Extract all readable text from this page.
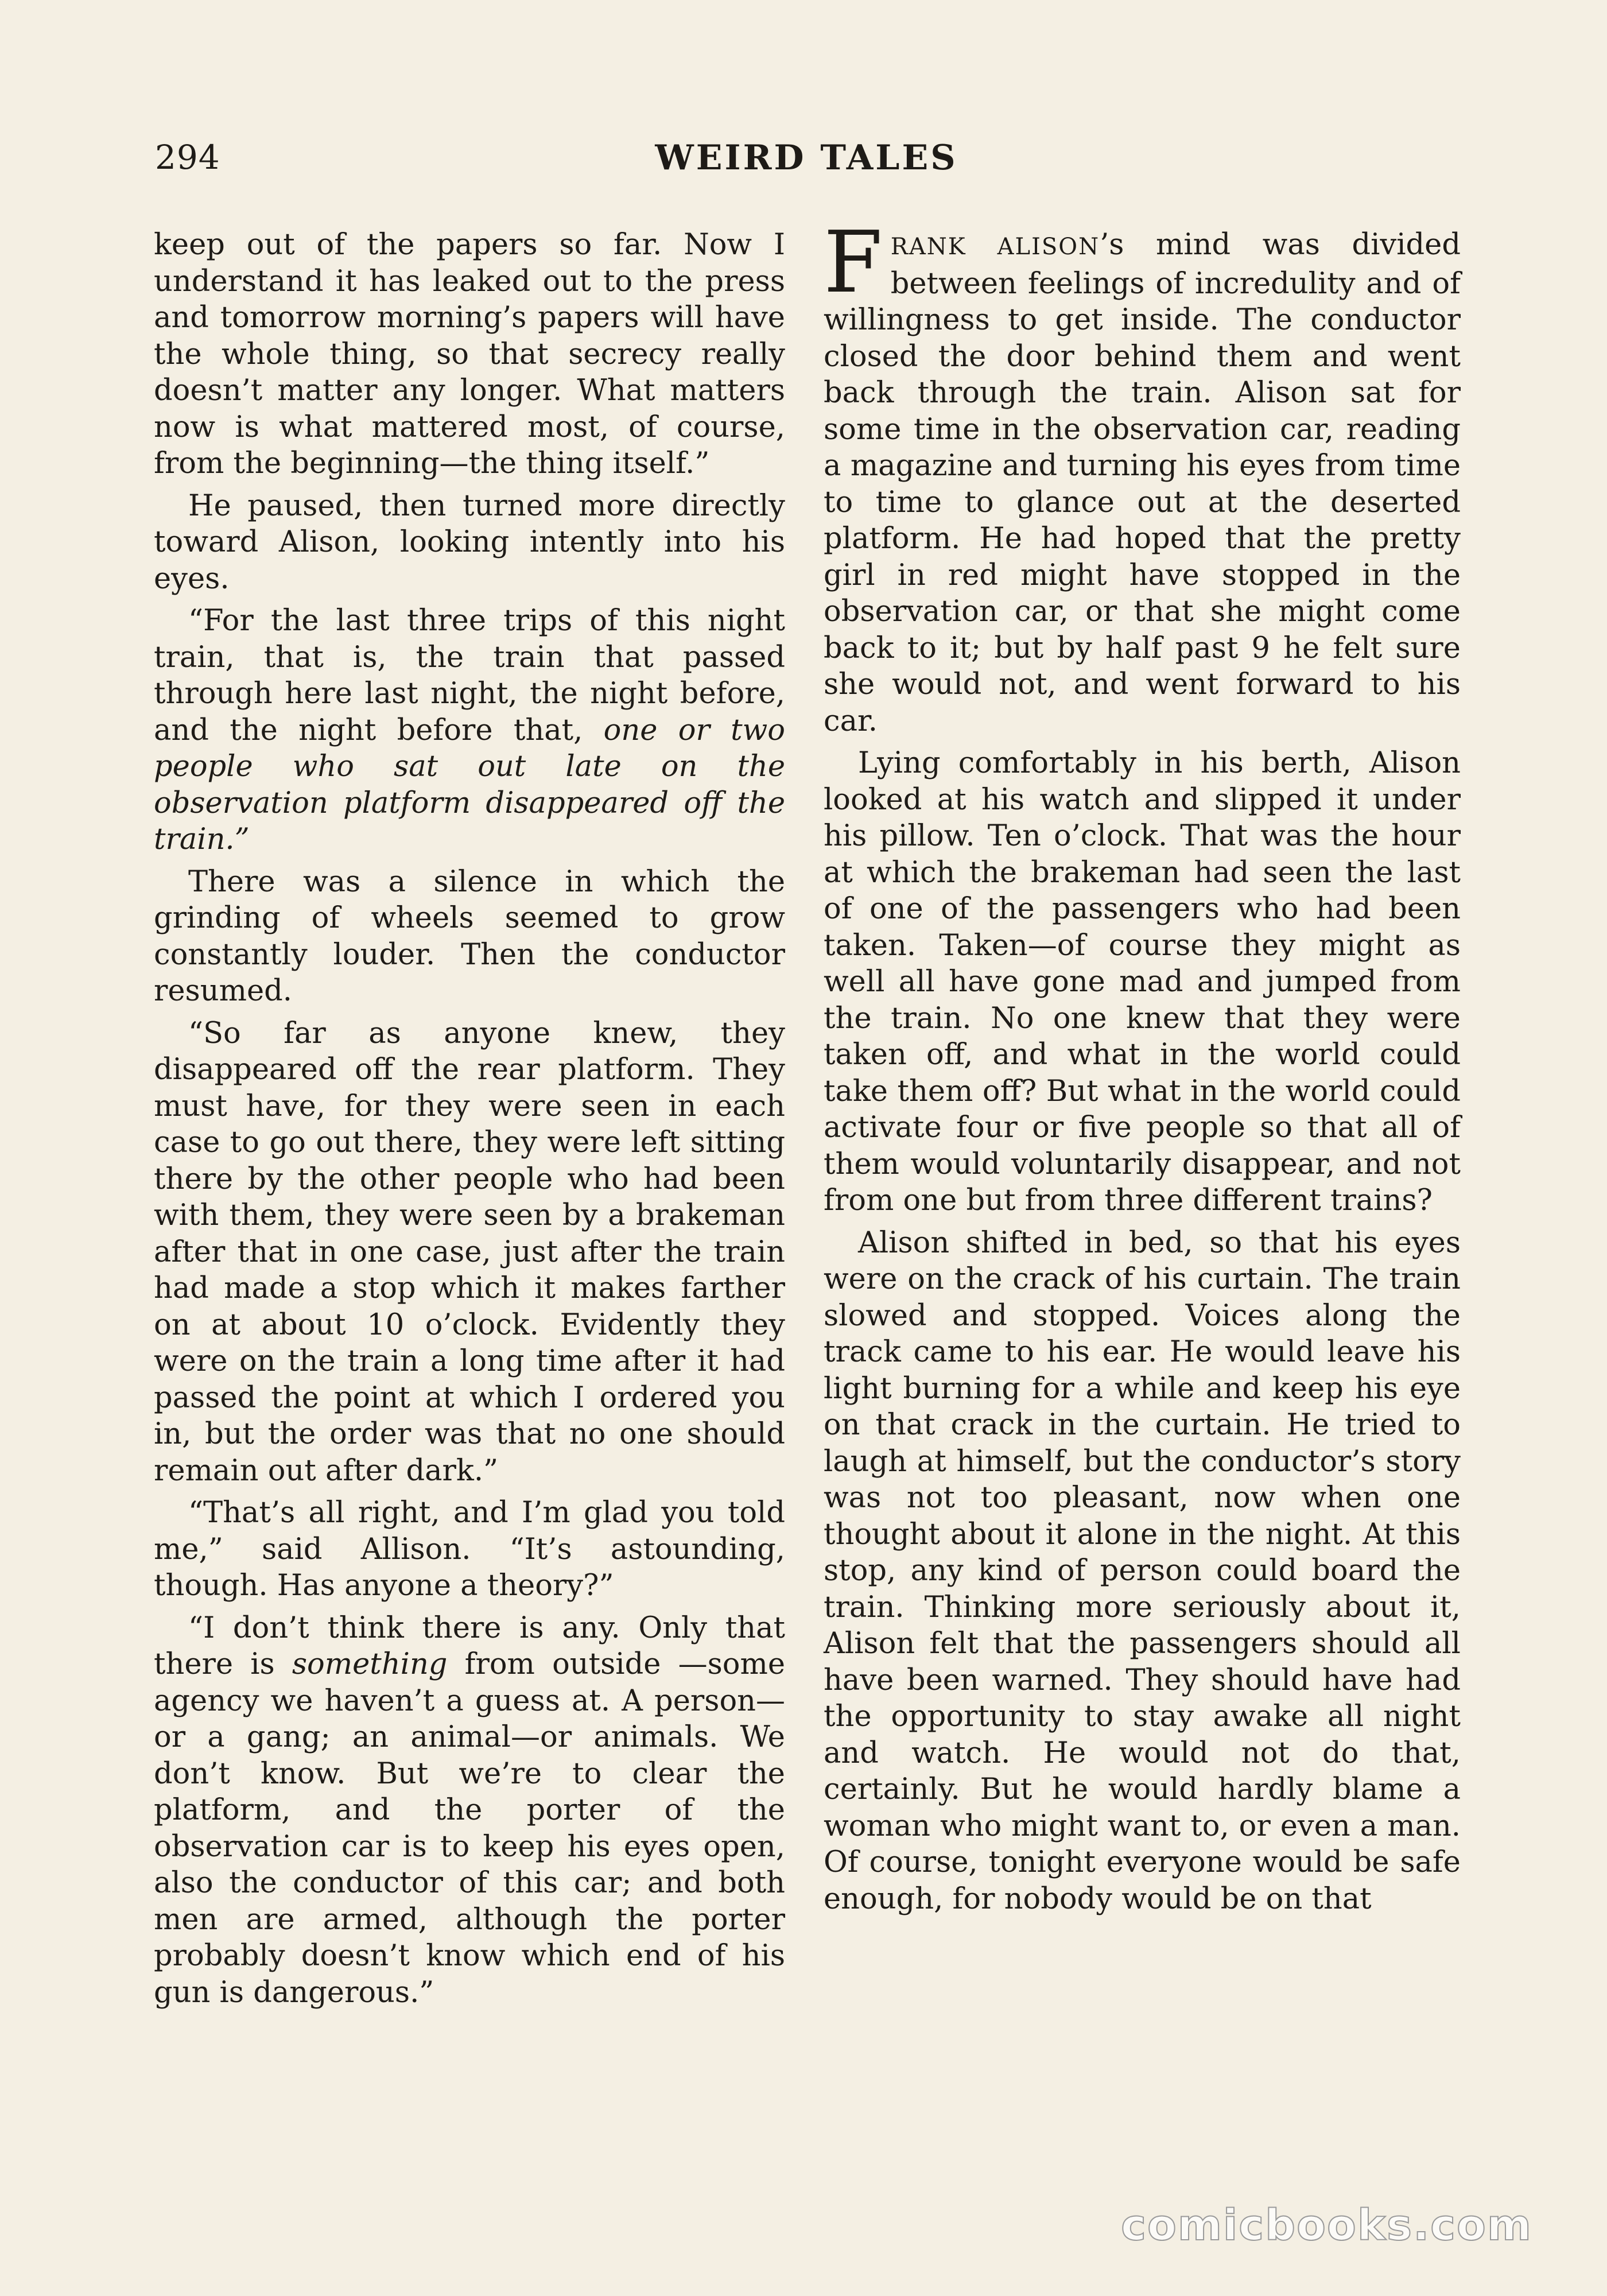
294	WEIRD TALES

keep out of the papers so far. Now I understand it has leaked out to the press and tomorrow morning’s papers will have the whole thing, so that secrecy really doesn’t matter any longer. What matters now is what mattered most, of course, from the beginning—the thing itself.”

He paused, then turned more directly toward Alison, looking intently into his eyes.

“For the last three trips of this night train, that is, the train that passed through here last night, the night before, and the night before that, one or two people who sat out late on the observation platform disappeared off the train.”

There was a silence in which the grinding of wheels seemed to grow constantly louder. Then the conductor resumed.

“So far as anyone knew, they disappeared off the rear platform. They must have, for they were seen in each case to go out there, they were left sitting there by the other people who had been with them, they were seen by a brakeman after that in one case, just after the train had made a stop which it makes farther on at about 10 o’clock. Evidently they were on the train a long time after it had passed the point at which I ordered you in, but the order was that no one should remain out after dark.”

“That’s all right, and I’m glad you told me,” said Allison. “It’s astounding, though. Has anyone a theory?”

“I don’t think there is any. Only that there is something from outside —some agency we haven’t a guess at. A person—or a gang; an animal—or animals. We don’t know. But we’re to clear the platform, and the porter of the observation car is to keep his eyes open, also the conductor of this car; and both men are armed, although the porter probably doesn’t know which end of his gun is dangerous.”

FRANK ALISON’s mind was divided between feelings of incredulity and of willingness to get inside. The conductor closed the door behind them and went back through the train. Alison sat for some time in the observation car, reading a magazine and turning his eyes from time to time to glance out at the deserted platform. He had hoped that the pretty girl in red might have stopped in the observation car, or that she might come back to it; but by half past 9 he felt sure she would not, and went forward to his car.

Lying comfortably in his berth, Alison looked at his watch and slipped it under his pillow. Ten o’clock. That was the hour at which the brakeman had seen the last of one of the passengers who had been taken. Taken—of course they might as well all have gone mad and jumped from the train. No one knew that they were taken off, and what in the world could take them off? But what in the world could activate four or five people so that all of them would voluntarily disappear, and not from one but from three different trains?

Alison shifted in bed, so that his eyes were on the crack of his curtain. The train slowed and stopped. Voices along the track came to his ear. He would leave his light burning for a while and keep his eye on that crack in the curtain. He tried to laugh at himself, but the conductor’s story was not too pleasant, now when one thought about it alone in the night. At this stop, any kind of person could board the train. Thinking more seriously about it, Alison felt that the passengers should all have been warned. They should have had the opportunity to stay awake all night and watch. He would not do that, certainly. But he would hardly blame a woman who might want to, or even a man. Of course, tonight everyone would be safe enough, for nobody would be on that

comicbooks.com
